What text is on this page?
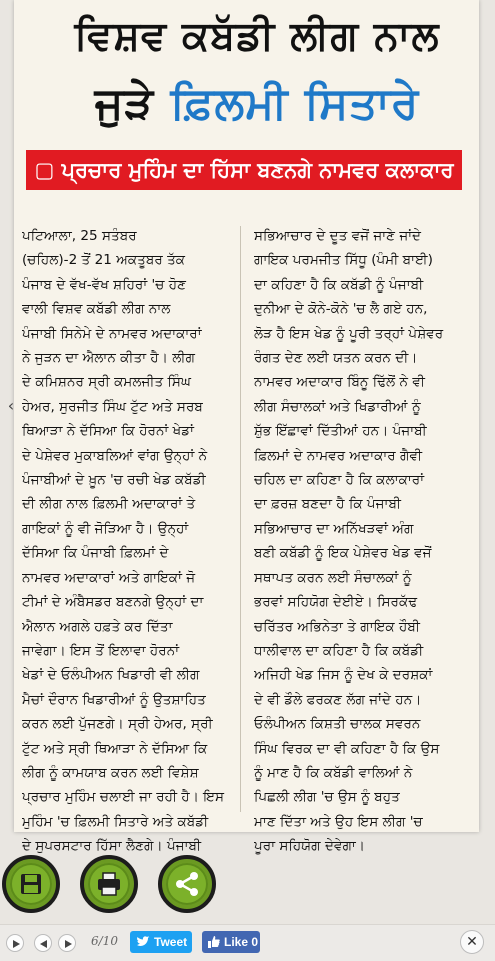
ਵਿਸ਼ਵ ਕਬੱਡੀ ਲੀਗ ਨਾਲ
ਜੁੜੇ ਫ਼ਿਲਮੀ ਸਿਤਾਰੇ
▢ ਪ੍ਰਚਾਰ ਮੁਹਿੰਮ ਦਾ ਹਿੱਸਾ ਬਣਨਗੇ ਨਾਮਵਰ ਕਲਾਕਾਰ
ਪਟਿਆਲਾ, 25 ਸਤੰਬਰ
(ਚਹਿਲ)-2 ਤੋਂ 21 ਅਕਤੂਬਰ ਤੱਕ
ਪੰਜਾਬ ਦੇ ਵੱਖ-ਵੱਖ ਸ਼ਹਿਰਾਂ 'ਚ ਹੋਣ
ਵਾਲੀ ਵਿਸ਼ਵ ਕਬੱਡੀ ਲੀਗ ਨਾਲ
ਪੰਜਾਬੀ ਸਿਨੇਮੇ ਦੇ ਨਾਮਵਰ ਅਦਾਕਾਰਾਂ
ਨੇ ਜੁੜਨ ਦਾ ਐਲਾਨ ਕੀਤਾ ਹੈ। ਲੀਗ
ਦੇ ਕਮਿਸ਼ਨਰ ਸ੍ਰੀ ਕਮਲਜੀਤ ਸਿੰਘ
ਹੇਅਰ, ਸੁਰਜੀਤ ਸਿੰਘ ਟੁੱਟ ਅਤੇ ਸਰਬ
ਥਿਆੜਾ ਨੇ ਦੱਸਿਆ ਕਿ ਹੋਰਨਾਂ ਖੇਡਾਂ
ਦੇ ਪੇਸ਼ੇਵਰ ਮੁਕਾਬਲਿਆਂ ਵਾਂਗ ਉਨ੍ਹਾਂ ਨੇ
ਪੰਜਾਬੀਆਂ ਦੇ ਖ਼ੂਨ 'ਚ ਰਚੀ ਖੇਡ ਕਬੱਡੀ
ਦੀ ਲੀਗ ਨਾਲ ਫ਼ਿਲਮੀ ਅਦਾਕਾਰਾਂ ਤੇ
ਗਾਇਕਾਂ ਨੂੰ ਵੀ ਜੋੜਿਆ ਹੈ। ਉਨ੍ਹਾਂ
ਦੱਸਿਆ ਕਿ ਪੰਜਾਬੀ ਫ਼ਿਲਮਾਂ ਦੇ
ਨਾਮਵਰ ਅਦਾਕਾਰਾਂ ਅਤੇ ਗਾਇਕਾਂ ਜੋ
ਟੀਮਾਂ ਦੇ ਅੰਬੈਸਡਰ ਬਣਨਗੇ ਉਨ੍ਹਾਂ ਦਾ
ਐਲਾਨ ਅਗਲੇ ਹਫ਼ਤੇ ਕਰ ਦਿੱਤਾ
ਜਾਵੇਗਾ। ਇਸ ਤੋਂ ਇਲਾਵਾ ਹੋਰਨਾਂ
ਖੇਡਾਂ ਦੇ ਓਲੰਪੀਅਨ ਖਿਡਾਰੀ ਵੀ ਲੀਗ
ਮੈਚਾਂ ਦੌਰਾਨ ਖਿਡਾਰੀਆਂ ਨੂੰ ਉਤਸ਼ਾਹਿਤ
ਕਰਨ ਲਈ ਪੁੱਜਣਗੇ। ਸ੍ਰੀ ਹੇਅਰ, ਸ੍ਰੀ
ਟੁੱਟ ਅਤੇ ਸ੍ਰੀ ਥਿਆੜਾ ਨੇ ਦੱਸਿਆ ਕਿ
ਲੀਗ ਨੂੰ ਕਾਮਯਾਬ ਕਰਨ ਲਈ ਵਿਸ਼ੇਸ਼
ਪ੍ਰਚਾਰ ਮੁਹਿੰਮ ਚਲਾਈ ਜਾ ਰਹੀ ਹੈ। ਇਸ
ਮੁਹਿੰਮ 'ਚ ਫ਼ਿਲਮੀ ਸਿਤਾਰੇ ਅਤੇ ਕਬੱਡੀ
ਦੇ ਸੁਪਰਸਟਾਰ ਹਿੱਸਾ ਲੈਣਗੇ। ਪੰਜਾਬੀ
ਸਭਿਆਚਾਰ ਦੇ ਦੂਤ ਵਜੋਂ ਜਾਣੇ ਜਾਂਦੇ
ਗਾਇਕ ਪਰਮਜੀਤ ਸਿੱਧੂ (ਪੰਮੀ ਬਾਈ)
ਦਾ ਕਹਿਣਾ ਹੈ ਕਿ ਕਬੱਡੀ ਨੂੰ ਪੰਜਾਬੀ
ਦੁਨੀਆ ਦੇ ਕੋਨੇ-ਕੋਨੇ 'ਚ ਲੈ ਗਏ ਹਨ,
ਲੋੜ ਹੈ ਇਸ ਖੇਡ ਨੂੰ ਪੂਰੀ ਤਰ੍ਹਾਂ ਪੇਸ਼ੇਵਰ
ਰੰਗਤ ਦੇਣ ਲਈ ਯਤਨ ਕਰਨ ਦੀ।
ਨਾਮਵਰ ਅਦਾਕਾਰ ਬਿੰਨੂ ਢਿੱਲੋਂ ਨੇ ਵੀ
ਲੀਗ ਸੰਚਾਲਕਾਂ ਅਤੇ ਖਿਡਾਰੀਆਂ ਨੂੰ
ਸ਼ੁੱਭ ਇੱਛਾਵਾਂ ਦਿੱਤੀਆਂ ਹਨ। ਪੰਜਾਬੀ
ਫ਼ਿਲਮਾਂ ਦੇ ਨਾਮਵਰ ਅਦਾਕਾਰ ਗੈਵੀ
ਚਹਿਲ ਦਾ ਕਹਿਣਾ ਹੈ ਕਿ ਕਲਾਕਾਰਾਂ
ਦਾ ਫ਼ਰਜ਼ ਬਣਦਾ ਹੈ ਕਿ ਪੰਜਾਬੀ
ਸਭਿਆਚਾਰ ਦਾ ਅਨਿੱਖੜਵਾਂ ਅੰਗ
ਬਣੀ ਕਬੱਡੀ ਨੂੰ ਇਕ ਪੇਸ਼ੇਵਰ ਖੇਡ ਵਜੋਂ
ਸਥਾਪਤ ਕਰਨ ਲਈ ਸੰਚਾਲਕਾਂ ਨੂੰ
ਭਰਵਾਂ ਸਹਿਯੋਗ ਦੇਈਏ। ਸਿਰਕੱਢ
ਚਰਿੱਤਰ ਅਭਿਨੇਤਾ ਤੇ ਗਾਇਕ ਹੌਬੀ
ਧਾਲੀਵਾਲ ਦਾ ਕਹਿਣਾ ਹੈ ਕਿ ਕਬੱਡੀ
ਅਜਿਹੀ ਖੇਡ ਜਿਸ ਨੂੰ ਦੇਖ ਕੇ ਦਰਸ਼ਕਾਂ
ਦੇ ਵੀ ਡੌਲੇ ਫਰਕਣ ਲੱਗ ਜਾਂਦੇ ਹਨ।
ਓਲੰਪੀਅਨ ਕਿਸ਼ਤੀ ਚਾਲਕ ਸਵਰਨ
ਸਿੰਘ ਵਿਰਕ ਦਾ ਵੀ ਕਹਿਣਾ ਹੈ ਕਿ ਉਸ
ਨੂੰ ਮਾਣ ਹੈ ਕਿ ਕਬੱਡੀ ਵਾਲਿਆਂ ਨੇ
ਪਿਛਲੀ ਲੀਗ 'ਚ ਉਸ ਨੂੰ ਬਹੁਤ
ਮਾਣ ਦਿੱਤਾ ਅਤੇ ਉਹ ਇਸ ਲੀਗ 'ਚ
ਪੂਰਾ ਸਹਿਯੋਗ ਦੇਵੇਗਾ।
‹
6/10	Tweet	Like 0	✕
